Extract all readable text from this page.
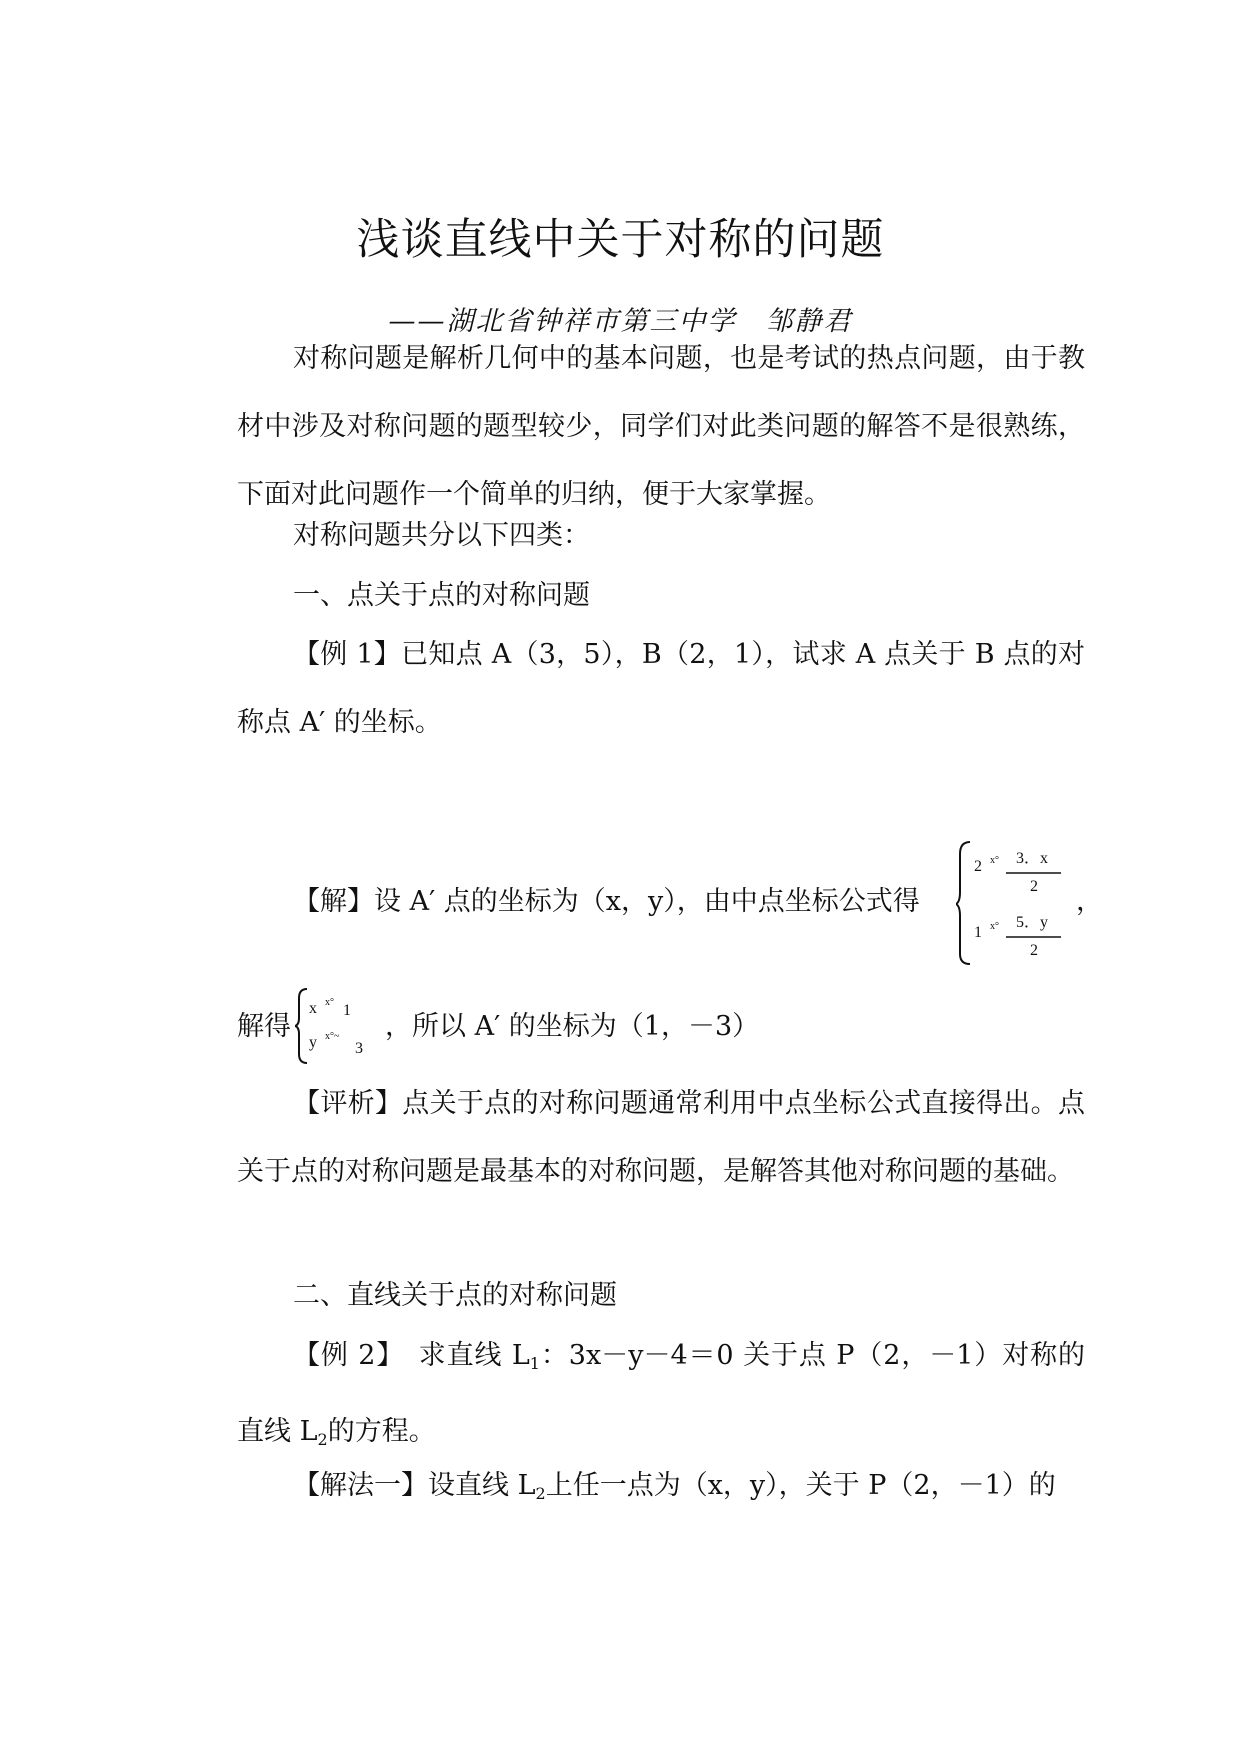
浅谈直线中关于对称的问题
——湖北省钟祥市第三中学　邹静君
对称问题是解析几何中的基本问题，也是考试的热点问题，由于教材中涉及对称问题的题型较少，同学们对此类问题的解答不是很熟练，下面对此问题作一个简单的归纳，便于大家掌握。
对称问题共分以下四类：
一、点关于点的对称问题
【例 1】已知点 A（3，5），B（2，1），试求 A 点关于 B 点的对称点 A′ 的坐标。
【解】设 A′ 点的坐标为（x，y），由中点坐标公式得
2 x° 3．x
2
1 x° 5．y
2
，
解得
x x° 1
y x°~
3
，所以 A′ 的坐标为（1，－3）
【评析】点关于点的对称问题通常利用中点坐标公式直接得出。点关于点的对称问题是最基本的对称问题，是解答其他对称问题的基础。
二、直线关于点的对称问题
【例 2】　求直线 $L_1$：3x－y－4＝0 关于点 P（2，－1）对称的直线 $L_2$的方程。
【解法一】设直线 $L_2$上任一点为（x，y），关于 P（2，－1）的
